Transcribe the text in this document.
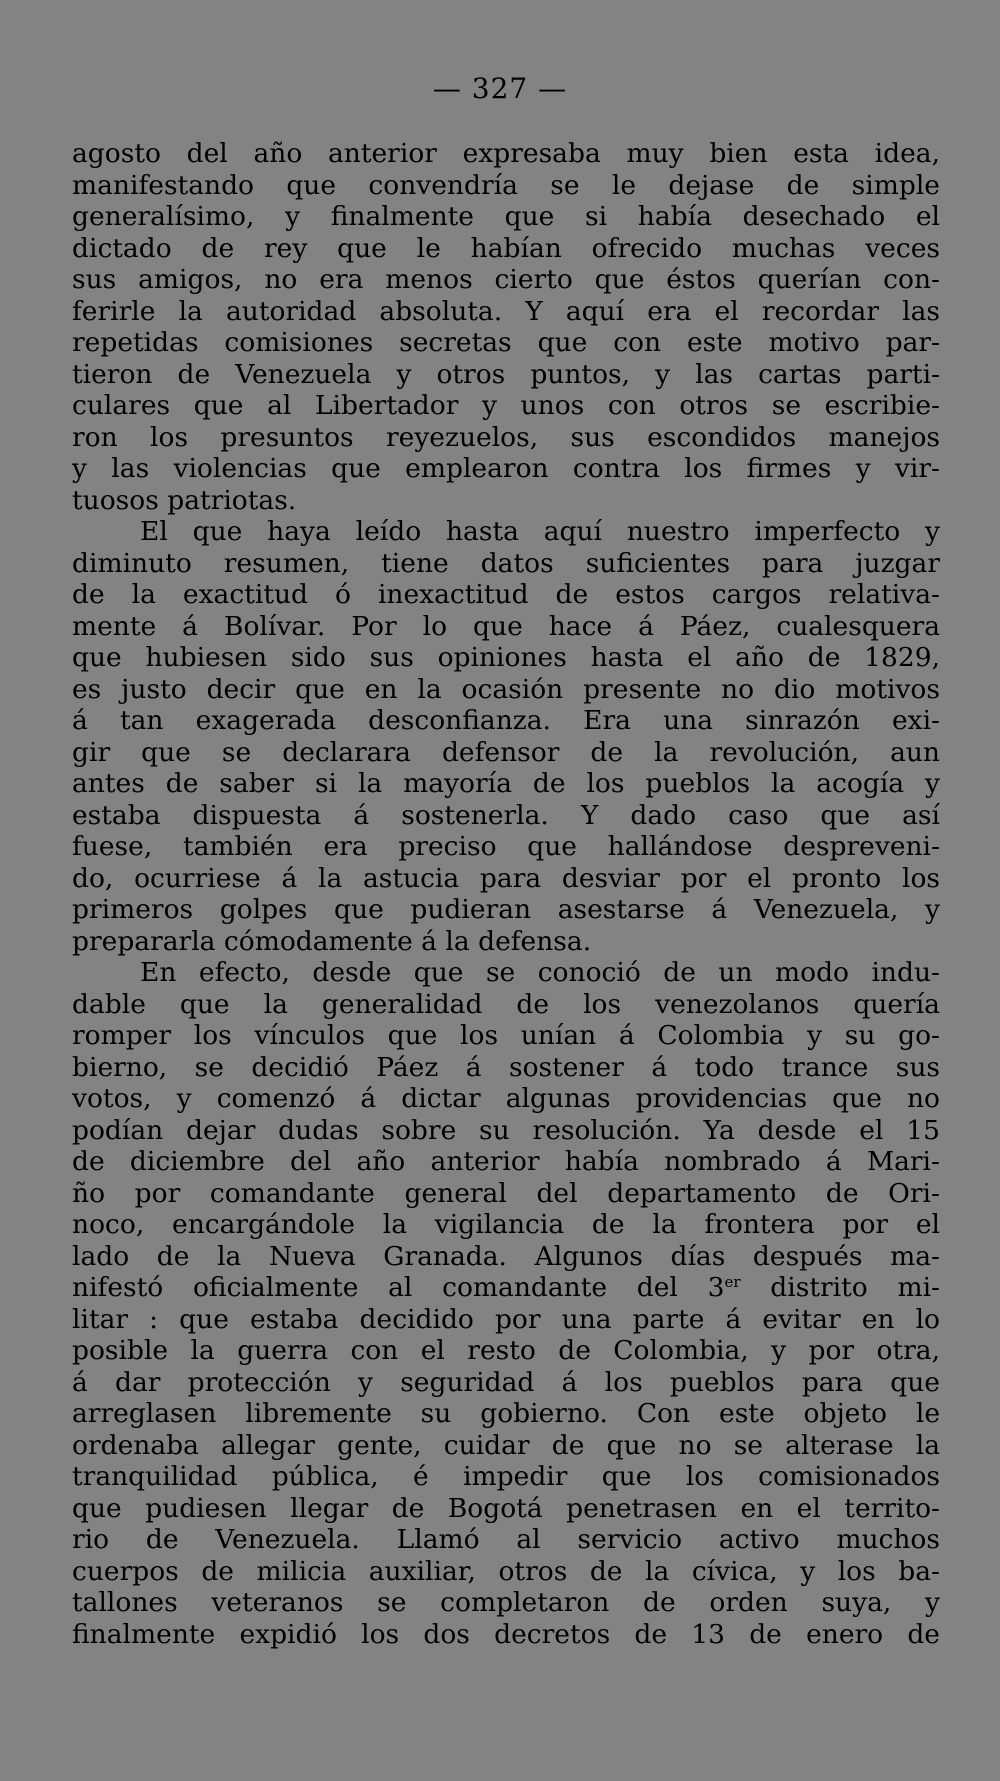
— 327 —
agosto del año anterior expresaba muy bien esta idea,
manifestando que convendría se le dejase de simple
generalísimo, y finalmente que si había desechado el
dictado de rey que le habían ofrecido muchas veces
sus amigos, no era menos cierto que éstos querían con-
ferirle la autoridad absoluta. Y aquí era el recordar las
repetidas comisiones secretas que con este motivo par-
tieron de Venezuela y otros puntos, y las cartas parti-
culares que al Libertador y unos con otros se escribie-
ron los presuntos reyezuelos, sus escondidos manejos
y las violencias que emplearon contra los firmes y vir-
tuosos patriotas.
El que haya leído hasta aquí nuestro imperfecto y
diminuto resumen, tiene datos suficientes para juzgar
de la exactitud ó inexactitud de estos cargos relativa-
mente á Bolívar. Por lo que hace á Páez, cualesquera
que hubiesen sido sus opiniones hasta el año de 1829,
es justo decir que en la ocasión presente no dio motivos
á tan exagerada desconfianza. Era una sinrazón exi-
gir que se declarara defensor de la revolución, aun
antes de saber si la mayoría de los pueblos la acogía y
estaba dispuesta á sostenerla. Y dado caso que así
fuese, también era preciso que hallándose despreveni-
do, ocurriese á la astucia para desviar por el pronto los
primeros golpes que pudieran asestarse á Venezuela, y
prepararla cómodamente á la defensa.
En efecto, desde que se conoció de un modo indu-
dable que la generalidad de los venezolanos quería
romper los vínculos que los unían á Colombia y su go-
bierno, se decidió Páez á sostener á todo trance sus
votos, y comenzó á dictar algunas providencias que no
podían dejar dudas sobre su resolución. Ya desde el 15
de diciembre del año anterior había nombrado á Mari-
ño por comandante general del departamento de Ori-
noco, encargándole la vigilancia de la frontera por el
lado de la Nueva Granada. Algunos días después ma-
nifestó oficialmente al comandante del 3er distrito mi-
litar : que estaba decidido por una parte á evitar en lo
posible la guerra con el resto de Colombia, y por otra,
á dar protección y seguridad á los pueblos para que
arreglasen libremente su gobierno. Con este objeto le
ordenaba allegar gente, cuidar de que no se alterase la
tranquilidad pública, é impedir que los comisionados
que pudiesen llegar de Bogotá penetrasen en el territo-
rio de Venezuela. Llamó al servicio activo muchos
cuerpos de milicia auxiliar, otros de la cívica, y los ba-
tallones veteranos se completaron de orden suya, y
finalmente expidió los dos decretos de 13 de enero de
